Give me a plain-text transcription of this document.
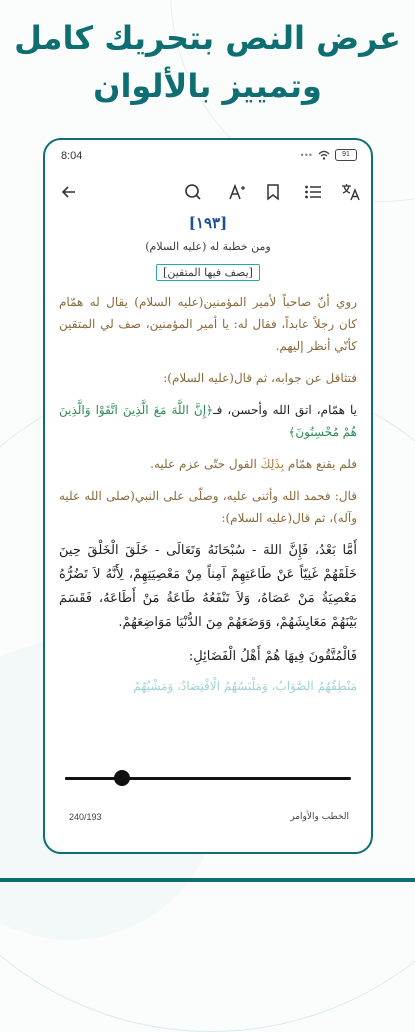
عرض النص بتحريك كامل
وتمييز بالألوان
8:04	•••	91
[١٩٣]
ومن خطبة له (عليه السلام)
[يصف فيها المتقين]
روي أنّ صاحباً لأمير المؤمنين(عليه السلام) يقال له همّام كان رجلاً عابداً، فقال له: يا أمير المؤمنين، صف لي المتقين كأنّي أنظر إليهم.
فتثاقل عن جوابه، ثم قال(عليه السلام):
يا همّام، اتق الله وأحسن، فـ﴿إِنَّ اللَّهَ مَعَ الَّذِينَ اتَّقَوْا وَالَّذِينَ هُمْ مُحْسِنُونَ﴾
فلم يقنع همّام بِذَلِكَ القول حتّى عزم عليه.
قال: فحمد الله وأثنى عليه، وصلّى على النبي(صلى الله عليه وآله)، ثم قال(عليه السلام):
أَمَّا بَعْدُ، فَإِنَّ اللهَ - سُبْحَانَهُ وَتَعَالَى - خَلَقَ الْخَلْقَ حِينَ خَلَقَهُمْ غَنِيّاً عَنْ طَاعَتِهِمْ آمِناً مِنْ مَعْصِيَتِهِمْ، لِأَنَّهُ لاَ تَضُرُّهُ مَعْصِيَةُ مَنْ عَصَاهُ، وَلاَ تَنْفَعُهُ طَاعَةُ مَنْ أَطَاعَهُ، فَقَسَمَ بَيْنَهُمْ مَعَايِشَهُمْ، وَوَضَعَهُمْ مِنَ الدُّنْيَا مَوَاضِعَهُمْ.
فَالْمُتَّقُونَ فِيهَا هُمْ أَهْلُ الْفَضَائِلِ:
مَنْطِقُهُمُ الصَّوَابُ، وَمَلْبَسُهُمُ الْاقْتِصَادُ، وَمَشْيُهُمُ
240/193	الخطب والأوامر
